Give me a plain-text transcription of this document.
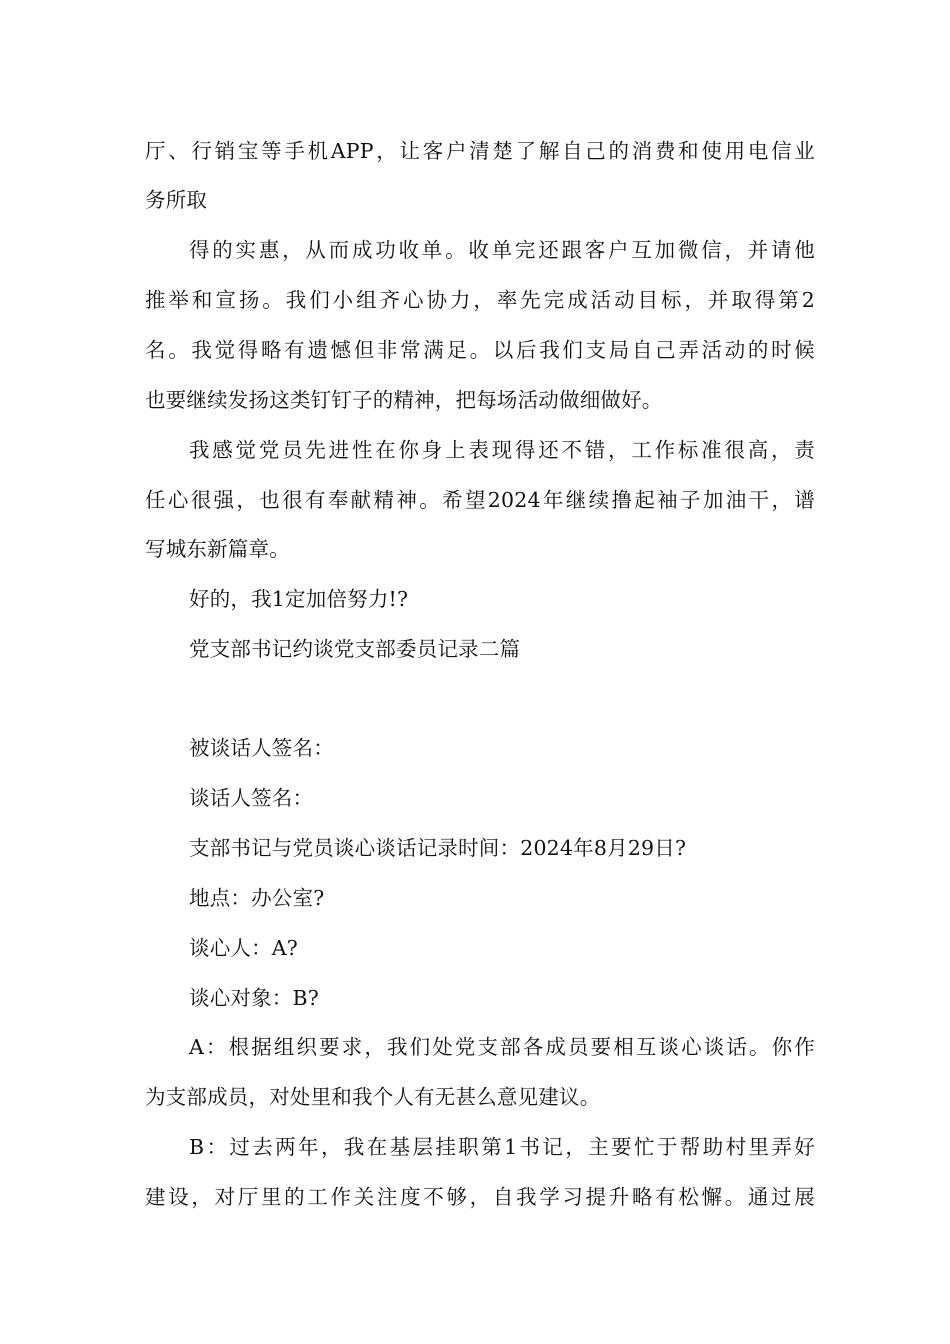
厅、行销宝等手机APP，让客户清楚了解自己的消费和使用电信业
务所取
得的实惠，从而成功收单。收单完还跟客户互加微信，并请他
推举和宣扬。我们小组齐心协力，率先完成活动目标，并取得第2
名。我觉得略有遗憾但非常满足。以后我们支局自己弄活动的时候
也要继续发扬这类钉钉子的精神，把每场活动做细做好。
我感觉党员先进性在你身上表现得还不错，工作标准很高，责
任心很强，也很有奉献精神。希望2024年继续撸起袖子加油干，谱
写城东新篇章。
好的，我1定加倍努力!?
党支部书记约谈党支部委员记录二篇
被谈话人签名：
谈话人签名：
支部书记与党员谈心谈话记录时间：2024年8月29日?
地点：办公室?
谈心人：A?
谈心对象：B?
A：根据组织要求，我们处党支部各成员要相互谈心谈话。你作
为支部成员，对处里和我个人有无甚么意见建议。
B：过去两年，我在基层挂职第1书记，主要忙于帮助村里弄好
建设，对厅里的工作关注度不够，自我学习提升略有松懈。通过展
